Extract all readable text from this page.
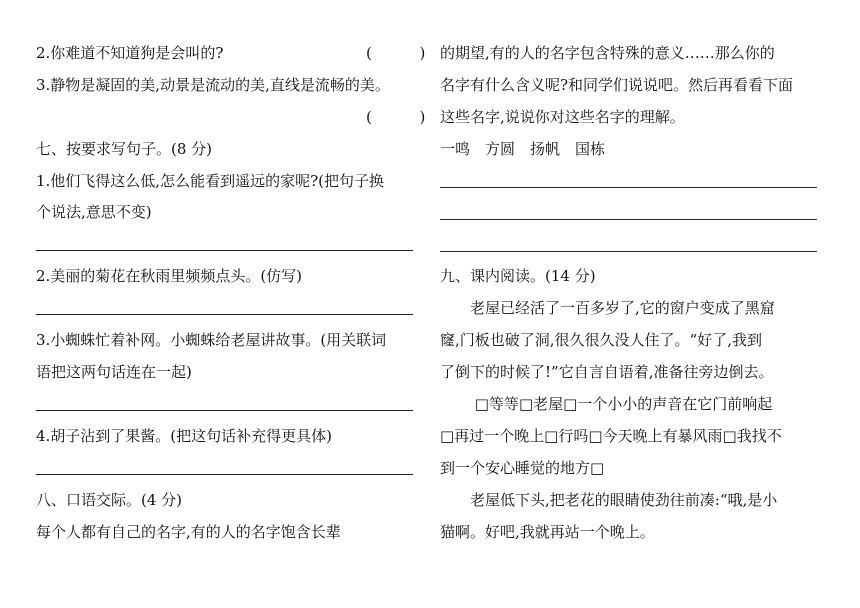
2.你难道不知道狗是会叫的?	(          )
3.静物是凝固的美,动景是流动的美,直线是流畅的美。
(          )
七、按要求写句子。(8 分)
1.他们飞得这么低,怎么能看到遥远的家呢?(把句子换
个说法,意思不变)
2.美丽的菊花在秋雨里频频点头。(仿写)
3.小蜘蛛忙着补网。小蜘蛛给老屋讲故事。(用关联词
语把这两句话连在一起)
4.胡子沾到了果酱。(把这句话补充得更具体)
八、口语交际。(4 分)
每个人都有自己的名字,有的人的名字饱含长辈
的期望,有的人的名字包含特殊的意义……那么你的
名字有什么含义呢?和同学们说说吧。然后再看看下面
这些名字,说说你对这些名字的理解。
一鸣　方圆　扬帆　国栋
九、课内阅读。(14 分)
　　老屋已经活了一百多岁了,它的窗户变成了黑窟
窿,门板也破了洞,很久很久没人住了。“好了,我到
了倒下的时候了!”它自言自语着,准备往旁边倒去。
　　 □等等□老屋□一个小小的声音在它门前响起
□再过一个晚上□行吗□今天晚上有暴风雨□我找不
到一个安心睡觉的地方□
　　老屋低下头,把老花的眼睛使劲往前凑:“哦,是小
猫啊。好吧,我就再站一个晚上。
